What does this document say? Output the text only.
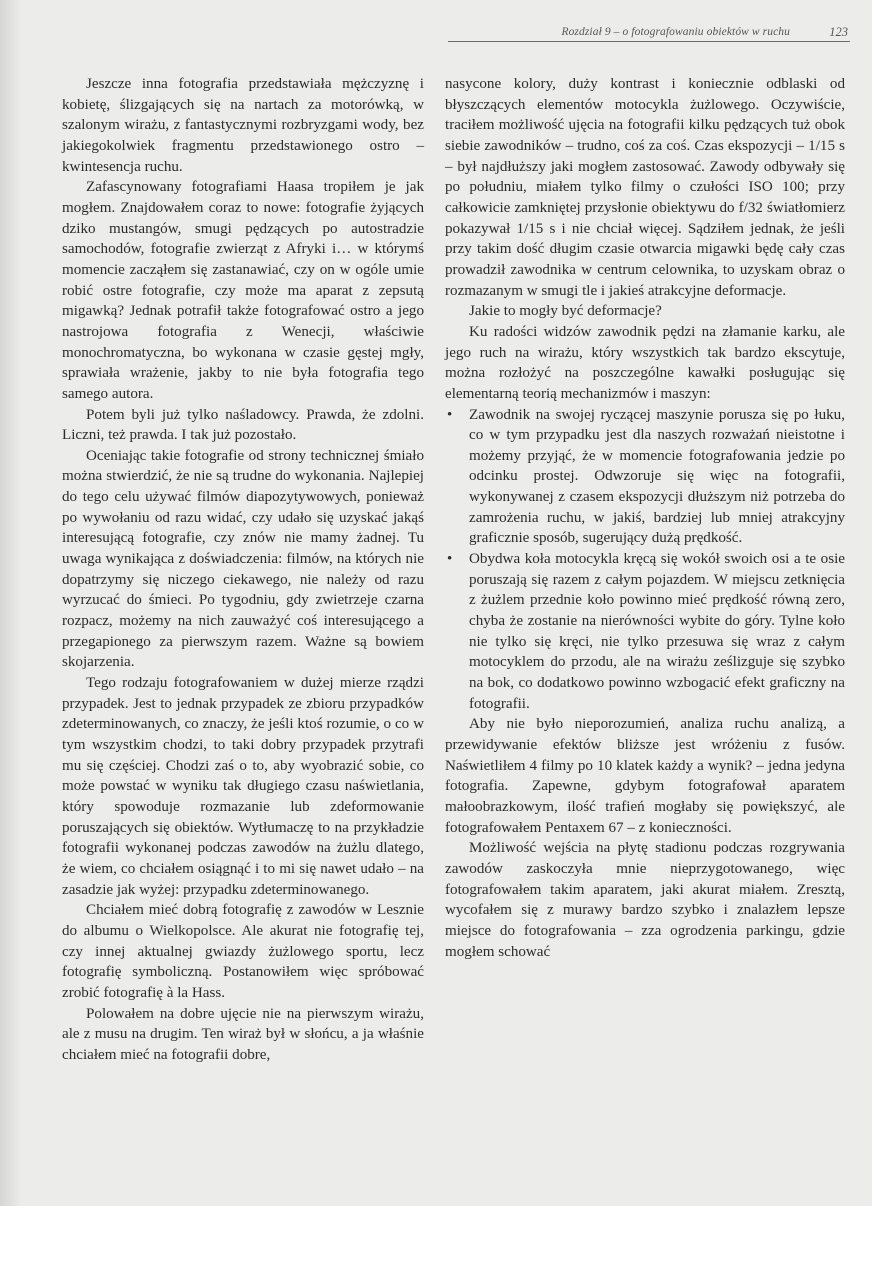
Rozdział 9 – o fotografowaniu obiektów w ruchu	123

Jeszcze inna fotografia przedstawiała mężczyznę i kobietę, ślizgających się na nartach za motorówką, w szalonym wirażu, z fantastycznymi rozbryzgami wody, bez jakiegokolwiek fragmentu przedstawionego ostro – kwintesencja ruchu.

Zafascynowany fotografiami Haasa tropiłem je jak mogłem. Znajdowałem coraz to nowe: fotografie żyjących dziko mustangów, smugi pędzących po autostradzie samochodów, fotografie zwierząt z Afryki i… w którymś momencie zacząłem się zastanawiać, czy on w ogóle umie robić ostre fotografie, czy może ma aparat z zepsutą migawką? Jednak potrafił także fotografować ostro a jego nastrojowa fotografia z Wenecji, właściwie monochromatyczna, bo wykonana w czasie gęstej mgły, sprawiała wrażenie, jakby to nie była fotografia tego samego autora.

Potem byli już tylko naśladowcy. Prawda, że zdolni. Liczni, też prawda. I tak już pozostało.

Oceniając takie fotografie od strony technicznej śmiało można stwierdzić, że nie są trudne do wykonania. Najlepiej do tego celu używać filmów diapozytywowych, ponieważ po wywołaniu od razu widać, czy udało się uzyskać jakąś interesującą fotografie, czy znów nie mamy żadnej. Tu uwaga wynikająca z doświadczenia: filmów, na których nie dopatrzymy się niczego ciekawego, nie należy od razu wyrzucać do śmieci. Po tygodniu, gdy zwietrzeje czarna rozpacz, możemy na nich zauważyć coś interesującego a przegapionego za pierwszym razem. Ważne są bowiem skojarzenia.

Tego rodzaju fotografowaniem w dużej mierze rządzi przypadek. Jest to jednak przypadek ze zbioru przypadków zdeterminowanych, co znaczy, że jeśli ktoś rozumie, o co w tym wszystkim chodzi, to taki dobry przypadek przytrafi mu się częściej. Chodzi zaś o to, aby wyobrazić sobie, co może powstać w wyniku tak długiego czasu naświetlania, który spowoduje rozmazanie lub zdeformowanie poruszających się obiektów. Wytłumaczę to na przykładzie fotografii wykonanej podczas zawodów na żużlu dlatego, że wiem, co chciałem osiągnąć i to mi się nawet udało – na zasadzie jak wyżej: przypadku zdeterminowanego.

Chciałem mieć dobrą fotografię z zawodów w Lesznie do albumu o Wielkopolsce. Ale akurat nie fotografię tej, czy innej aktualnej gwiazdy żużlowego sportu, lecz fotografię symboliczną. Postanowiłem więc spróbować zrobić fotografię à la Hass.

Polowałem na dobre ujęcie nie na pierwszym wirażu, ale z musu na drugim. Ten wiraż był w słońcu, a ja właśnie chciałem mieć na fotografii dobre,

nasycone kolory, duży kontrast i koniecznie odblaski od błyszczących elementów motocykla żużlowego. Oczywiście, traciłem możliwość ujęcia na fotografii kilku pędzących tuż obok siebie zawodników – trudno, coś za coś. Czas ekspozycji – 1/15 s – był najdłuższy jaki mogłem zastosować. Zawody odbywały się po południu, miałem tylko filmy o czułości ISO 100; przy całkowicie zamkniętej przysłonie obiektywu do f/32 światłomierz pokazywał 1/15 s i nie chciał więcej. Sądziłem jednak, że jeśli przy takim dość długim czasie otwarcia migawki będę cały czas prowadził zawodnika w centrum celownika, to uzyskam obraz o rozmazanym w smugi tle i jakieś atrakcyjne deformacje.

Jakie to mogły być deformacje?

Ku radości widzów zawodnik pędzi na złamanie karku, ale jego ruch na wirażu, który wszystkich tak bardzo ekscytuje, można rozłożyć na poszczególne kawałki posługując się elementarną teorią mechanizmów i maszyn:

• Zawodnik na swojej ryczącej maszynie porusza się po łuku, co w tym przypadku jest dla naszych rozważań nieistotne i możemy przyjąć, że w momencie fotografowania jedzie po odcinku prostej. Odwzoruje się więc na fotografii, wykonywanej z czasem ekspozycji dłuższym niż potrzeba do zamrożenia ruchu, w jakiś, bardziej lub mniej atrakcyjny graficznie sposób, sugerujący dużą prędkość.
• Obydwa koła motocykla kręcą się wokół swoich osi a te osie poruszają się razem z całym pojazdem. W miejscu zetknięcia z żużlem przednie koło powinno mieć prędkość równą zero, chyba że zostanie na nierówności wybite do góry. Tylne koło nie tylko się kręci, nie tylko przesuwa się wraz z całym motocyklem do przodu, ale na wirażu ześlizguje się szybko na bok, co dodatkowo powinno wzbogacić efekt graficzny na fotografii.

Aby nie było nieporozumień, analiza ruchu analizą, a przewidywanie efektów bliższe jest wróżeniu z fusów. Naświetliłem 4 filmy po 10 klatek każdy a wynik? – jedna jedyna fotografia. Zapewne, gdybym fotografował aparatem małoobrazkowym, ilość trafień mogłaby się powiększyć, ale fotografowałem Pentaxem 67 – z konieczności.

Możliwość wejścia na płytę stadionu podczas rozgrywania zawodów zaskoczyła mnie nieprzygotowanego, więc fotografowałem takim aparatem, jaki akurat miałem. Zresztą, wycofałem się z murawy bardzo szybko i znalazłem lepsze miejsce do fotografowania – zza ogrodzenia parkingu, gdzie mogłem schować
